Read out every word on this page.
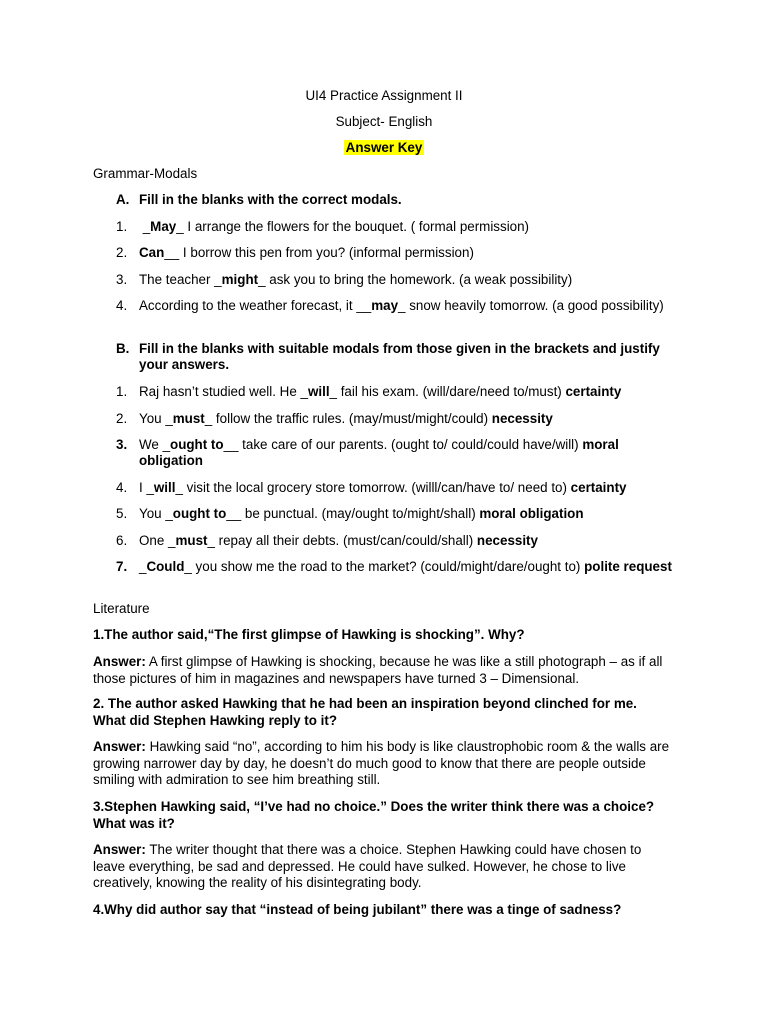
UI4 Practice Assignment II
Subject- English
Answer Key
Grammar-Modals
A. Fill in the blanks with the correct modals.
1. _May_ I arrange the flowers for the bouquet. ( formal permission)
2. Can__ I borrow this pen from you? (informal permission)
3. The teacher _might_ ask you to bring the homework. (a weak possibility)
4. According to the weather forecast, it __may_ snow heavily tomorrow. (a good possibility)
B. Fill in the blanks with suitable modals from those given in the brackets and justify your answers.
1. Raj hasn’t studied well. He _will_ fail his exam. (will/dare/need to/must) certainty
2. You _must_ follow the traffic rules. (may/must/might/could) necessity
3. We _ought to__ take care of our parents. (ought to/ could/could have/will) moral obligation
4. I _will_ visit the local grocery store tomorrow. (willl/can/have to/ need to) certainty
5. You _ought to__ be punctual. (may/ought to/might/shall) moral obligation
6. One _must_ repay all their debts. (must/can/could/shall) necessity
7. _Could_ you show me the road to the market? (could/might/dare/ought to) polite request
Literature
1.The author said,“The first glimpse of Hawking is shocking”. Why?
Answer: A first glimpse of Hawking is shocking, because he was like a still photograph – as if all those pictures of him in magazines and newspapers have turned 3 – Dimensional.
2. The author asked Hawking that he had been an inspiration beyond clinched for me. What did Stephen Hawking reply to it?
Answer: Hawking said “no”, according to him his body is like claustrophobic room & the walls are growing narrower day by day, he doesn’t do much good to know that there are people outside smiling with admiration to see him breathing still.
3.Stephen Hawking said, “I’ve had no choice.” Does the writer think there was a choice? What was it?
Answer: The writer thought that there was a choice. Stephen Hawking could have chosen to leave everything, be sad and depressed. He could have sulked. However, he chose to live creatively, knowing the reality of his disintegrating body.
4.Why did author say that “instead of being jubilant” there was a tinge of sadness?
